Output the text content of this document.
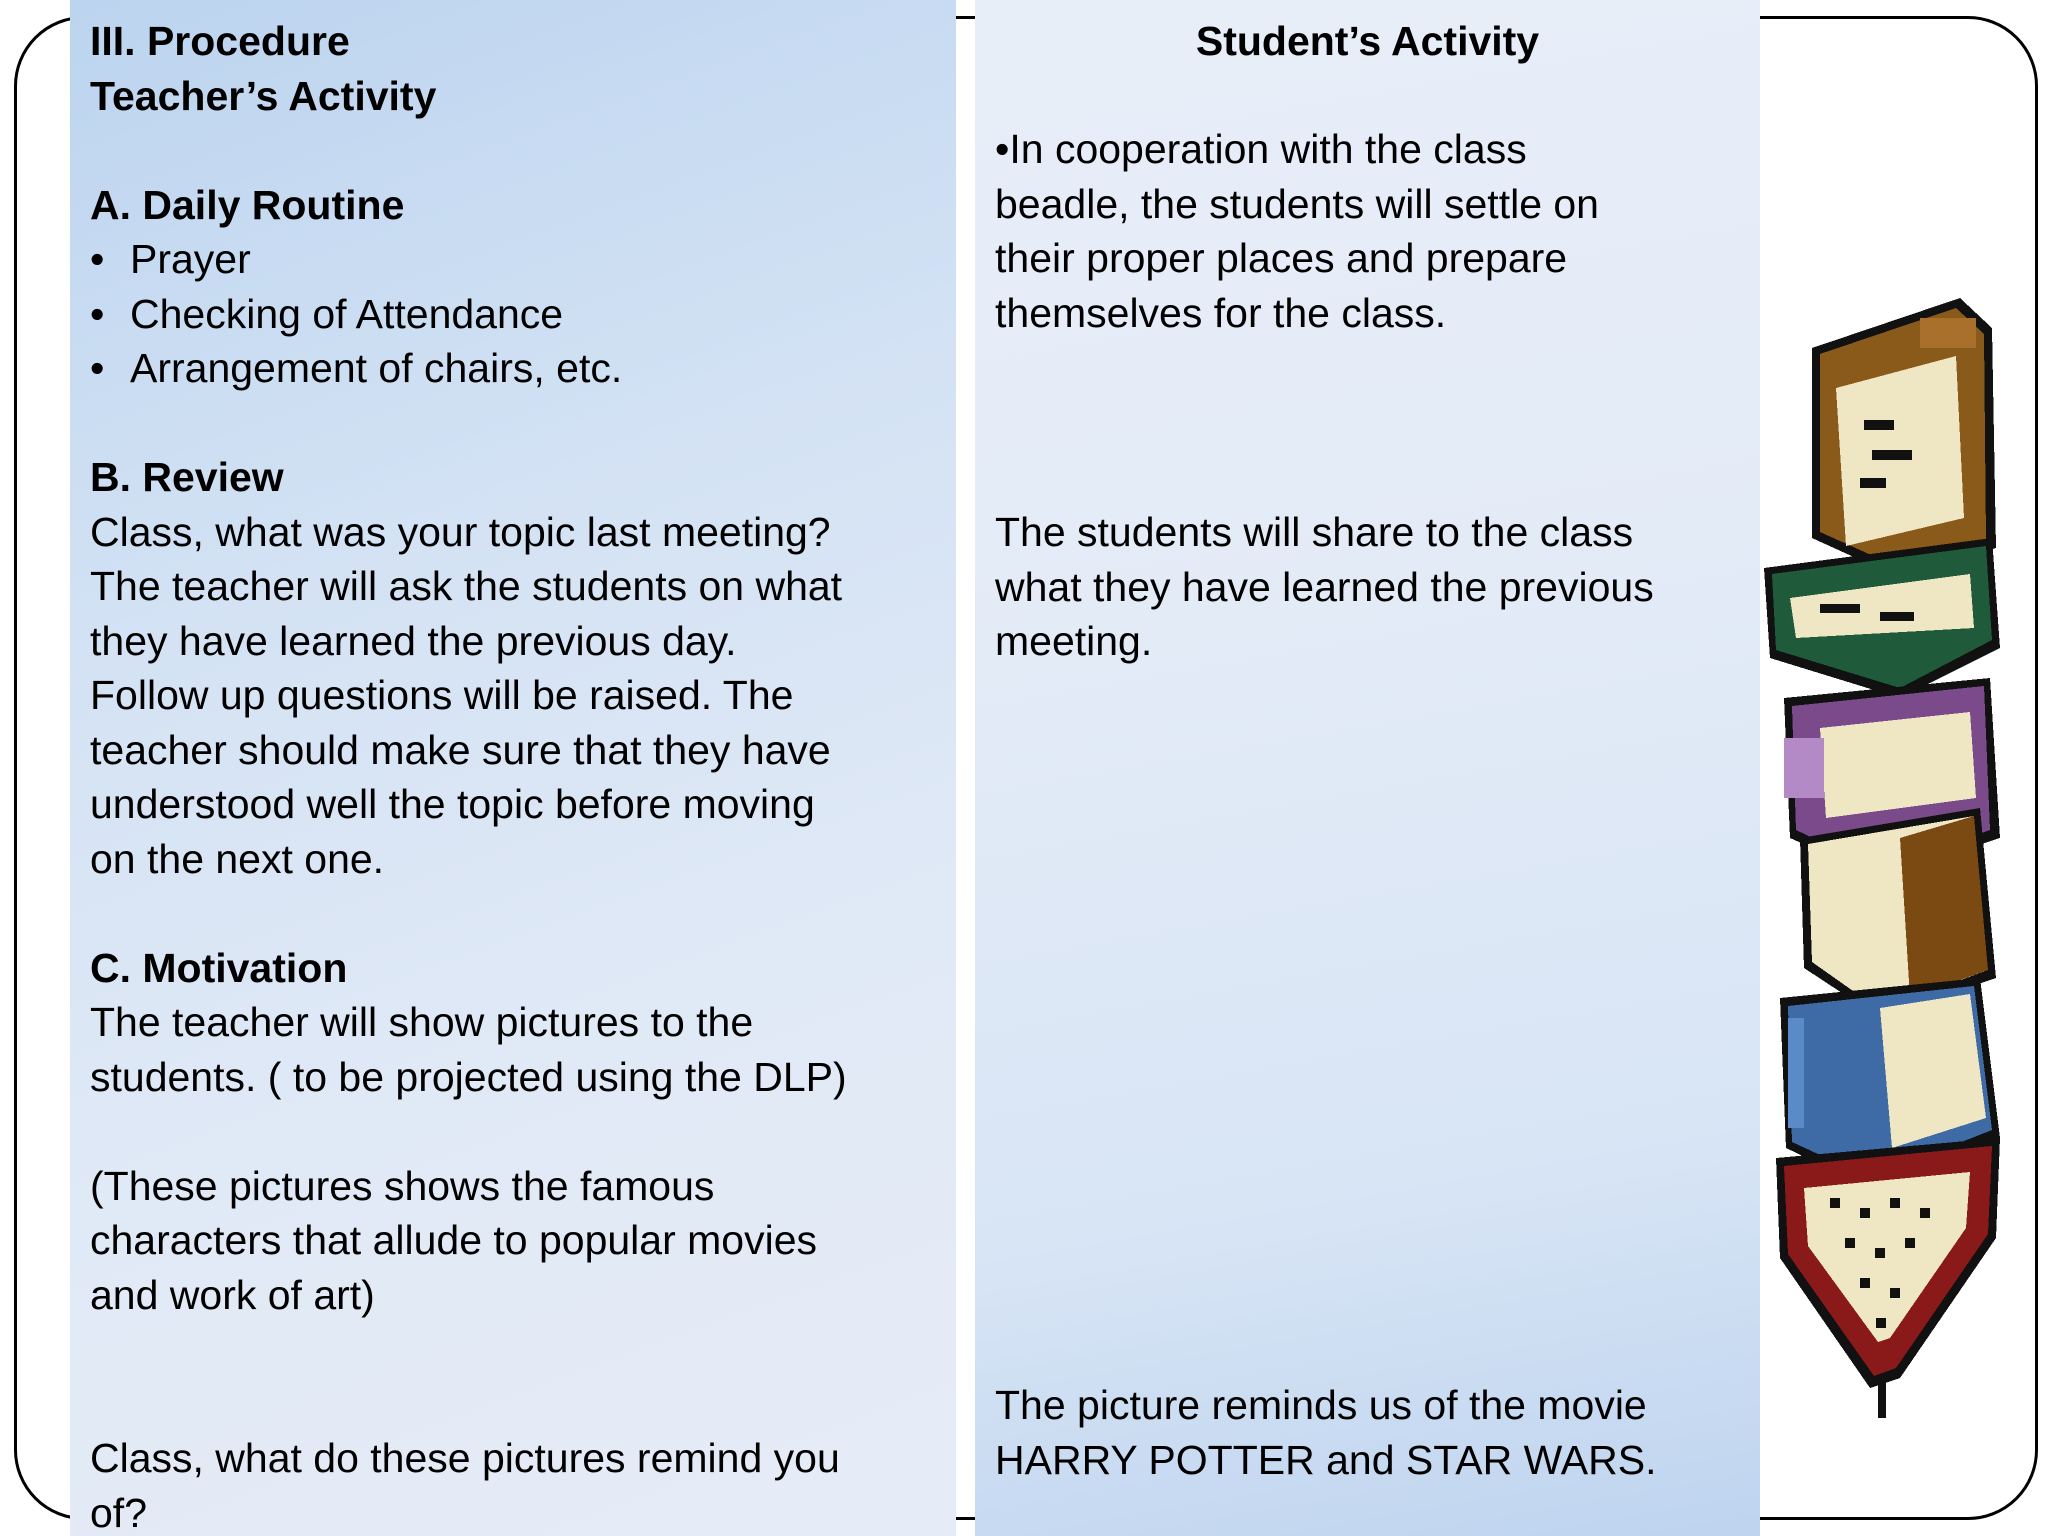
III. Procedure
Teacher’s Activity
A. Daily Routine
• Prayer
• Checking of Attendance
• Arrangement of chairs, etc.
B. Review
Class, what was your topic last meeting?
The teacher will ask the students on what
they have learned the previous day.
Follow up questions will be raised. The
teacher should make sure that they have
understood well the topic before moving
on the next one.
C. Motivation
The teacher will show pictures to the
students. ( to be projected using the DLP)
(These pictures shows the famous
characters that allude to popular movies
and work of art)
Class, what do these pictures remind you
of?
Student’s Activity
•In cooperation with the class
beadle, the students will settle on
their proper places and prepare
themselves for the class.
The students will share to the class
what they have learned the previous
meeting.
The picture reminds us of the movie
HARRY POTTER and STAR WARS.
